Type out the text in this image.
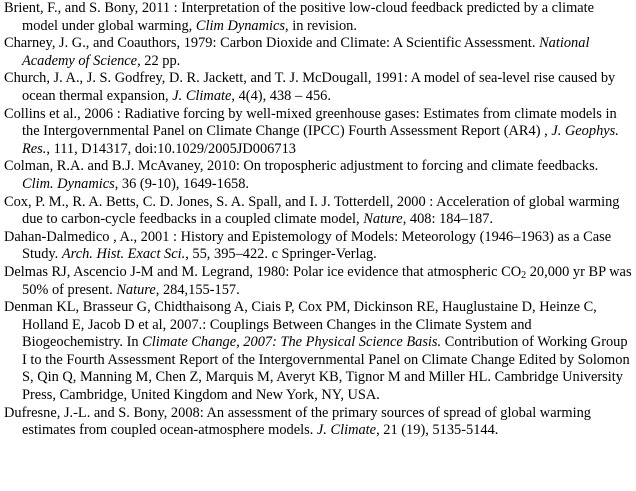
Brient, F., and S. Bony, 2011 : Interpretation of the positive low-cloud feedback predicted by a climate model under global warming, Clim Dynamics, in revision.

Charney, J. G., and Coauthors, 1979: Carbon Dioxide and Climate: A Scientific Assessment. National Academy of Science, 22 pp.

Church, J. A., J. S. Godfrey, D. R. Jackett, and T. J. McDougall, 1991: A model of sea-level rise caused by ocean thermal expansion, J. Climate, 4(4), 438 – 456.

Collins et al., 2006 : Radiative forcing by well-mixed greenhouse gases: Estimates from climate models in the Intergovernmental Panel on Climate Change (IPCC) Fourth Assessment Report (AR4) , J. Geophys. Res., 111, D14317, doi:10.1029/2005JD006713

Colman, R.A. and B.J. McAvaney, 2010: On tropospheric adjustment to forcing and climate feedbacks. Clim. Dynamics, 36 (9-10), 1649-1658.

Cox, P. M., R. A. Betts, C. D. Jones, S. A. Spall, and I. J. Totterdell, 2000 : Acceleration of global warming due to carbon-cycle feedbacks in a coupled climate model, Nature, 408: 184–187.

Dahan-Dalmedico , A., 2001 : History and Epistemology of Models: Meteorology (1946–1963) as a Case Study. Arch. Hist. Exact Sci., 55, 395–422. c Springer-Verlag.

Delmas RJ, Ascencio J-M and M. Legrand, 1980: Polar ice evidence that atmospheric $CO_2$ 20,000 yr BP was 50% of present. Nature, 284,155-157.

Denman KL, Brasseur G, Chidthaisong A, Ciais P, Cox PM, Dickinson RE, Hauglustaine D, Heinze C, Holland E, Jacob D et al, 2007.: Couplings Between Changes in the Climate System and Biogeochemistry. In Climate Change, 2007: The Physical Science Basis. Contribution of Working Group I to the Fourth Assessment Report of the Intergovernmental Panel on Climate Change Edited by Solomon S, Qin Q, Manning M, Chen Z, Marquis M, Averyt KB, Tignor M and Miller HL. Cambridge University Press, Cambridge, United Kingdom and New York, NY, USA.

Dufresne, J.-L. and S. Bony, 2008: An assessment of the primary sources of spread of global warming estimates from coupled ocean-atmosphere models. J. Climate, 21 (19), 5135-5144.
